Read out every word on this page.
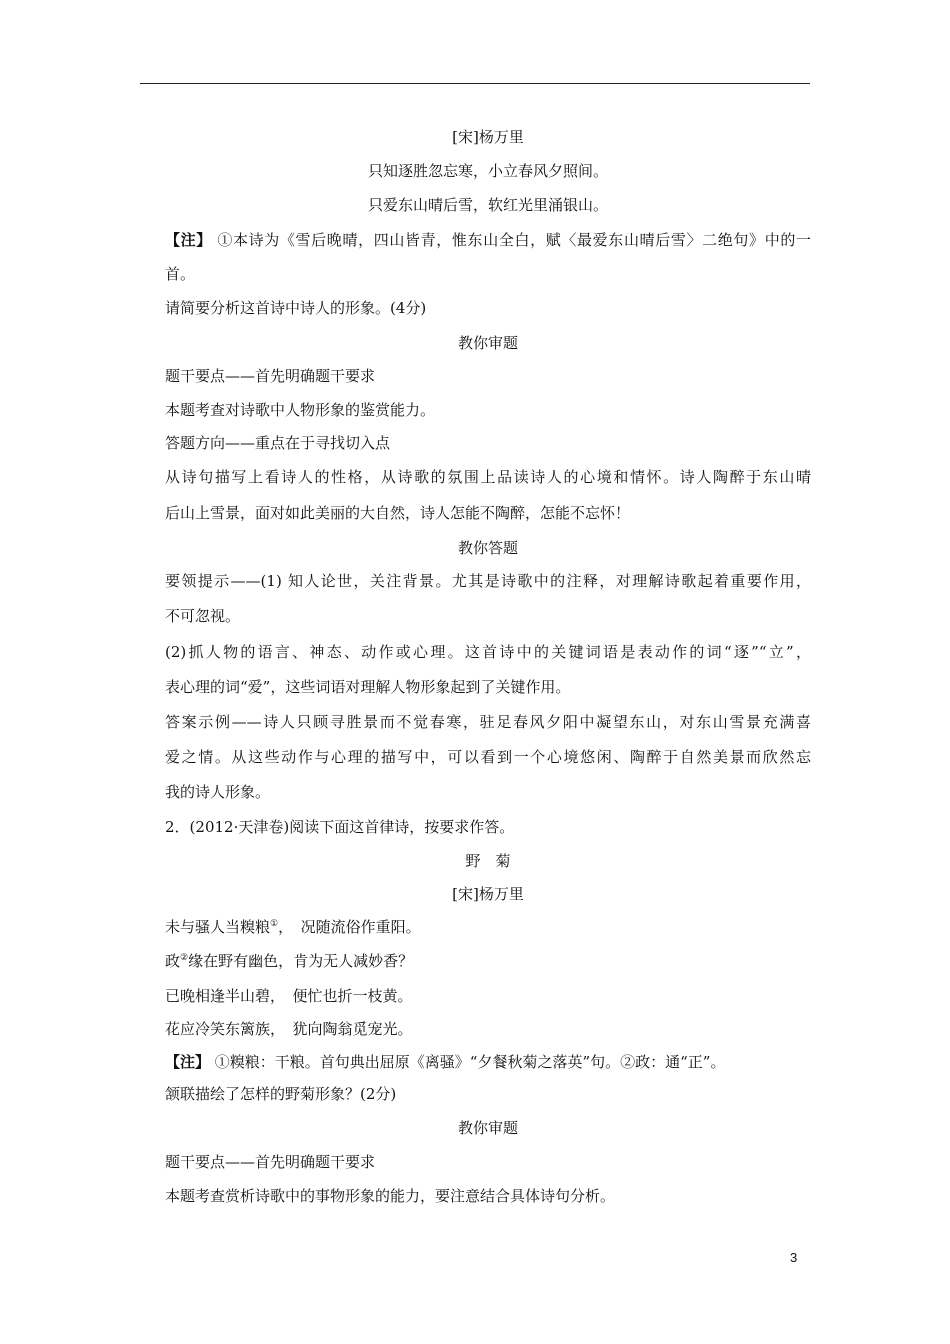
[宋]杨万里
只知逐胜忽忘寒，小立春风夕照间。
只爱东山晴后雪，软红光里涌银山。
【注】 ①本诗为《雪后晚晴，四山皆青，惟东山全白，赋〈最爱东山晴后雪〉二绝句》中的一
首。
请简要分析这首诗中诗人的形象。(4分)
教你审题
题干要点——首先明确题干要求
本题考查对诗歌中人物形象的鉴赏能力。
答题方向——重点在于寻找切入点
从诗句描写上看诗人的性格，从诗歌的氛围上品读诗人的心境和情怀。诗人陶醉于东山晴
后山上雪景，面对如此美丽的大自然，诗人怎能不陶醉，怎能不忘怀！
教你答题
要领提示——(1) 知人论世，关注背景。尤其是诗歌中的注释，对理解诗歌起着重要作用，
不可忽视。
(2)抓人物的语言、神态、动作或心理。这首诗中的关键词语是表动作的词“逐”“立”，
表心理的词“爱”，这些词语对理解人物形象起到了关键作用。
答案示例——诗人只顾寻胜景而不觉春寒，驻足春风夕阳中凝望东山，对东山雪景充满喜
爱之情。从这些动作与心理的描写中，可以看到一个心境悠闲、陶醉于自然美景而欣然忘
我的诗人形象。
2．(2012·天津卷)阅读下面这首律诗，按要求作答。
野　菊
[宋]杨万里
未与骚人当糗粮①，　况随流俗作重阳。
政②缘在野有幽色，肯为无人减妙香？
已晚相逢半山碧，　便忙也折一枝黄。
花应冷笑东篱族，　犹向陶翁觅宠光。
【注】 ①糗粮：干粮。首句典出屈原《离骚》“夕餐秋菊之落英”句。②政：通“正”。
颔联描绘了怎样的野菊形象？(2分)
教你审题
题干要点——首先明确题干要求
本题考查赏析诗歌中的事物形象的能力，要注意结合具体诗句分析。
3
